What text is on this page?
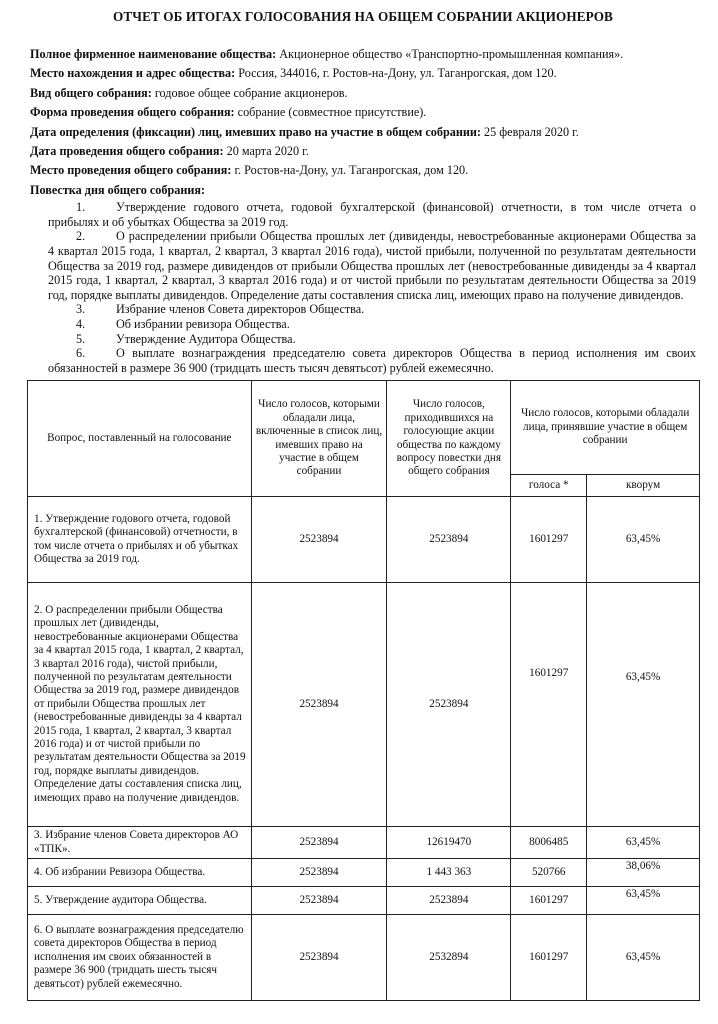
ОТЧЕТ ОБ ИТОГАХ ГОЛОСОВАНИЯ НА ОБЩЕМ СОБРАНИИ АКЦИОНЕРОВ
Полное фирменное наименование общества: Акционерное общество «Транспортно-промышленная компания».
Место нахождения и адрес общества: Россия, 344016, г. Ростов-на-Дону, ул. Таганрогская, дом 120.
Вид общего собрания: годовое общее собрание акционеров.
Форма проведения общего собрания: собрание (совместное присутствие).
Дата определения (фиксации) лиц, имевших право на участие в общем собрании: 25 февраля 2020 г.
Дата проведения общего собрания: 20 марта 2020 г.
Место проведения общего собрания: г. Ростов-на-Дону, ул. Таганрогская, дом 120.
Повестка дня общего собрания:
1.	Утверждение годового отчета, годовой бухгалтерской (финансовой) отчетности, в том числе отчета о прибылях и об убытках Общества за 2019 год.
2.	О распределении прибыли Общества прошлых лет (дивиденды, невостребованные акционерами Общества за 4 квартал 2015 года, 1 квартал, 2 квартал, 3 квартал 2016 года), чистой прибыли, полученной по результатам деятельности Общества за 2019 год, размере дивидендов от прибыли Общества прошлых лет (невостребованные дивиденды за 4 квартал 2015 года, 1 квартал, 2 квартал, 3 квартал 2016 года) и от чистой прибыли по результатам деятельности Общества за 2019 год, порядке выплаты дивидендов. Определение даты составления списка лиц, имеющих право на получение дивидендов.
3.	Избрание членов Совета директоров Общества.
4.	Об избрании ревизора Общества.
5.	Утверждение Аудитора Общества.
6.	О выплате вознаграждения председателю совета директоров Общества в период исполнения им своих обязанностей в размере 36 900 (тридцать шесть тысяч девятьсот) рублей ежемесячно.
Вопрос, поставленный на голосование	Число голосов, которыми обладали лица, включенные в список лиц, имевших право на участие в общем собрании	Число голосов, приходившихся на голосующие акции общества по каждому вопросу повестки дня общего собрания	Число голосов, которыми обладали лица, принявшие участие в общем собрании	
			голоса *	кворум
1. Утверждение годового отчета, годовой бухгалтерской (финансовой) отчетности, в том числе отчета о прибылях и об убытках Общества за 2019 год.	2523894	2523894	1601297	63,45%
2. О распределении прибыли Общества прошлых лет (дивиденды, невостребованные акционерами Общества за 4 квартал 2015 года, 1 квартал, 2 квартал, 3 квартал 2016 года), чистой прибыли, полученной по результатам деятельности Общества за 2019 год, размере дивидендов от прибыли Общества прошлых лет (невостребованные дивиденды за 4 квартал 2015 года, 1 квартал, 2 квартал, 3 квартал 2016 года) и от чистой прибыли по результатам деятельности Общества за 2019 год, порядке выплаты дивидендов. Определение даты составления списка лиц, имеющих право на получение дивидендов.	2523894	2523894	1601297	63,45%
3. Избрание членов Совета директоров АО «ТПК».	2523894	12619470	8006485	63,45%
4. Об избрании Ревизора Общества.	2523894	1 443 363	520766	38,06%
5. Утверждение аудитора Общества.	2523894	2523894	1601297	63,45%
6. О выплате вознаграждения председателю совета директоров Общества в период исполнения им своих обязанностей в размере 36 900 (тридцать шесть тысяч девятьсот) рублей ежемесячно.	2523894	2532894	1601297	63,45%
